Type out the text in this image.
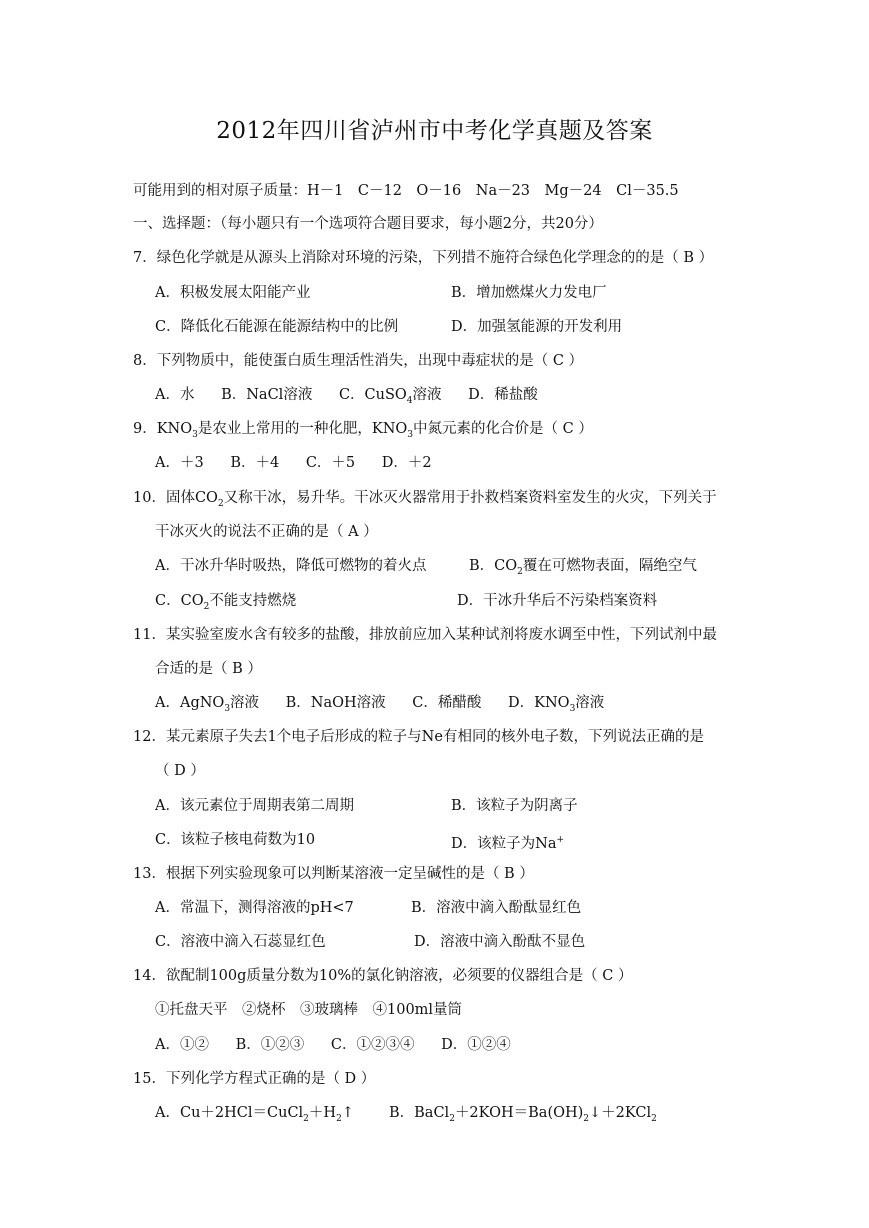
2012年四川省泸州市中考化学真题及答案
可能用到的相对原子质量：H－1　C－12　O－16　Na－23　Mg－24　Cl－35.5
一、选择题：（每小题只有一个选项符合题目要求，每小题2分，共20分）
7．绿色化学就是从源头上消除对环境的污染，下列措不施符合绿色化学理念的的是（ B ）
A．积极发展太阳能产业	B．增加燃煤火力发电厂
C．降低化石能源在能源结构中的比例	D．加强氢能源的开发利用
8．下列物质中，能使蛋白质生理活性消失，出现中毒症状的是（ C ）
A．水 B．NaCl溶液 C．CuSO$_4$溶液 D．稀盐酸
9．$KNO_3$是农业上常用的一种化肥，$KNO_3$中氮元素的化合价是（ C ）
A．＋3 B．＋4 C．＋5 D．＋2
10．固体$CO_2$又称干冰，易升华。干冰灭火器常用于扑救档案资料室发生的火灾，下列关于
干冰灭火的说法不正确的是（ A ）
A．干冰升华时吸热，降低可燃物的着火点	B．$CO_2$覆在可燃物表面，隔绝空气
C．$CO_2$不能支持燃烧	D．干冰升华后不污染档案资料
11．某实验室废水含有较多的盐酸，排放前应加入某种试剂将废水调至中性，下列试剂中最
合适的是（ B ）
A．AgNO$_3$溶液 B．NaOH溶液 C．稀醋酸 D．$KNO_3$溶液
12．某元素原子失去1个电子后形成的粒子与Ne有相同的核外电子数，下列说法正确的是
（ D ）
A．该元素位于周期表第二周期	B．该粒子为阴离子
C．该粒子核电荷数为10	D．该粒子为Na+
13．根据下列实验现象可以判断某溶液一定呈碱性的是（ B ）
A．常温下，测得溶液的pH<7	B．溶液中滴入酚酞显红色
C．溶液中滴入石蕊显红色	D．溶液中滴入酚酞不显色
14．欲配制100g质量分数为10%的氯化钠溶液，必须要的仪器组合是（ C ）
①托盘天平　②烧杯　③玻璃棒　④100ml量筒
A．①② B．①②③ C．①②③④ D．①②④
15．下列化学方程式正确的是（ D ）
A．$Cu+2HCl=CuCl_2+H_2↑$ B．$BaCl_2+2KOH=Ba(OH)_2↓+2KCl_2$
